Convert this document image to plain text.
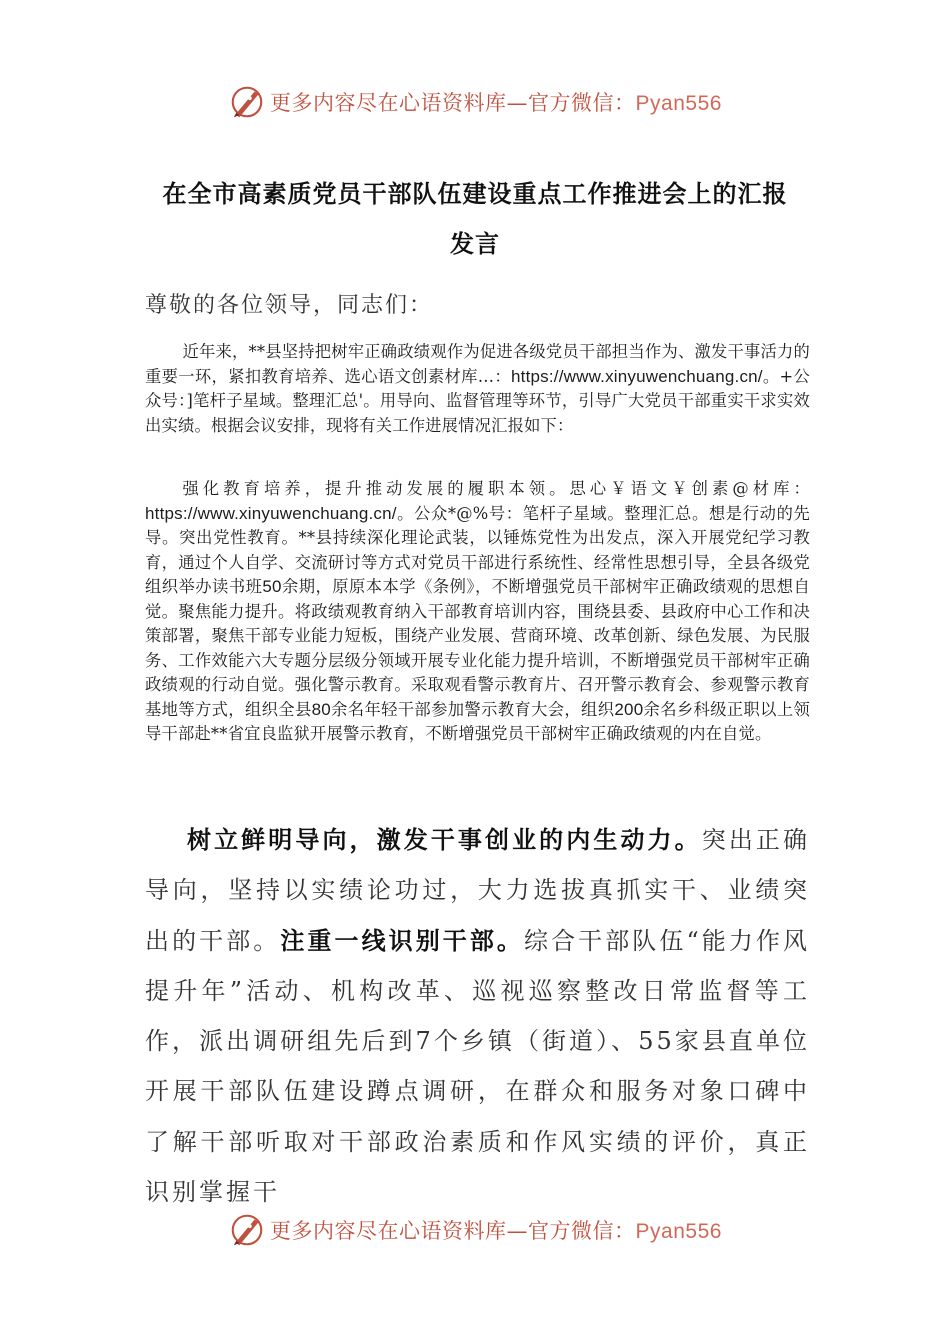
更多内容尽在心语资料库—官方微信：Pyan556
在全市高素质党员干部队伍建设重点工作推进会上的汇报
发言
尊敬的各位领导，同志们：

近年来，**县坚持把树牢正确政绩观作为促进各级党员干部担当作为、激发干事活力的重要一环，紧扣教育培养、选心语文创素材库…：https://www.xinyuwenchuang.cn/。+公众号：]笔杆子星域。整理汇总'。用导向、监督管理等环节，引导广大党员干部重实干求实效出实绩。根据会议安排，现将有关工作进展情况汇报如下：

强化教育培养，提升推动发展的履职本领。思心￥语文￥创素@材库：https://www.xinyuwenchuang.cn/。公众*@%号：笔杆子星域。整理汇总。想是行动的先导。突出党性教育。**县持续深化理论武装，以锤炼党性为出发点，深入开展党纪学习教育，通过个人自学、交流研讨等方式对党员干部进行系统性、经常性思想引导，全县各级党组织举办读书班50余期，原原本本学《条例》，不断增强党员干部树牢正确政绩观的思想自觉。聚焦能力提升。将政绩观教育纳入干部教育培训内容，围绕县委、县政府中心工作和决策部署，聚焦干部专业能力短板，围绕产业发展、营商环境、改革创新、绿色发展、为民服务、工作效能六大专题分层级分领域开展专业化能力提升培训，不断增强党员干部树牢正确政绩观的行动自觉。强化警示教育。采取观看警示教育片、召开警示教育会、参观警示教育基地等方式，组织全县80余名年轻干部参加警示教育大会，组织200余名乡科级正职以上领导干部赴**省宜良监狱开展警示教育，不断增强党员干部树牢正确政绩观的内在自觉。

树立鲜明导向，激发干事创业的内生动力。突出正确导向，坚持以实绩论功过，大力选拔真抓实干、业绩突出的干部。注重一线识别干部。综合干部队伍“能力作风提升年”活动、机构改革、巡视巡察整改日常监督等工作，派出调研组先后到7个乡镇（街道）、55家县直单位开展干部队伍建设蹲点调研，在群众和服务对象口碑中了解干部听取对干部政治素质和作风实绩的评价，真正识别掌握干

更多内容尽在心语资料库—官方微信：Pyan556
